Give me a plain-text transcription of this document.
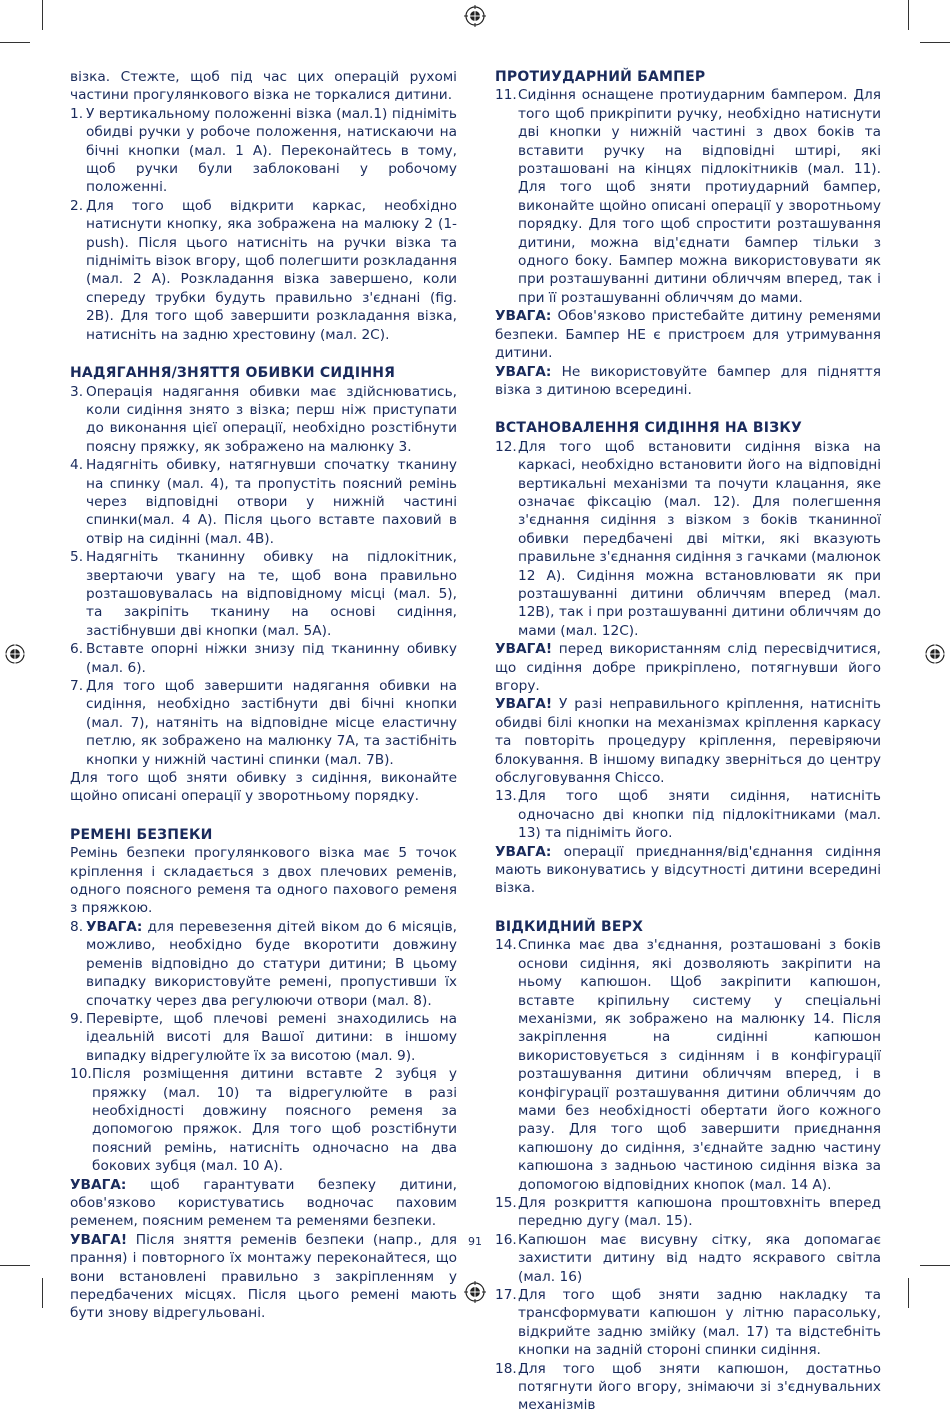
візка. Стежте, щоб під час цих операцій рухомі частини прогулянкового візка не торкалися дитини.

1. У вертикальному положенні візка (мал.1) підніміть обидві ручки у робоче положення, натискаючи на бічні кнопки (мал. 1 A). Переконайтесь в тому, щоб ручки були заблоковані у робочому положенні.
2. Для того щоб відкрити каркас, необхідно натиснути кнопку, яка зображена на малюку 2 (1-push). Після цього натисніть на ручки візка та підніміть візок вгору, щоб полегшити розкладання (мал. 2 A). Розкладання візка завершено, коли спереду трубки будуть правильно з'єднані (fig. 2B). Для того щоб завершити розкладання візка, натисніть на задню хрестовину (мал. 2C).
НАДЯГАННЯ/ЗНЯТТЯ ОБИВКИ СИДІННЯ
3. Операція надягання обивки має здійснюватись, коли сидіння знято з візка; перш ніж приступати до виконання цієї операції, необхідно розстібнути поясну пряжку, як зображено на малюнку 3.
4. Надягніть обивку, натягнувши спочатку тканину на спинку (мал. 4), та пропустіть поясний ремінь через відповідні отвори у нижній частині спинки(мал. 4 A). Після цього вставте паховий в отвір на сидінні (мал. 4B).
5. Надягніть тканинну обивку на підлокітник, звертаючи увагу на те, щоб вона правильно розташовувалась на відповідному місці (мал. 5), та закріпіть тканину на основі сидіння, застібнувши дві кнопки (мал. 5A).
6. Вставте опорні ніжки знизу під тканинну обивку (мал. 6).
7. Для того щоб завершити надягання обивки на сидіння, необхідно застібнути дві бічні кнопки (мал. 7), натяніть на відповідне місце еластичну петлю, як зображено на малюнку 7A, та застібніть кнопки у нижній частині спинки (мал. 7B).

Для того щоб зняти обивку з сидіння, виконайте щойно описані операції у зворотньому порядку.

РЕМЕНІ БЕЗПЕКИ

Ремінь безпеки прогулянкового візка має 5 точок кріплення і складається з двох плечових ременів, одного поясного ременя та одного пахового ременя з пряжкою.

8. УВАГА: для перевезення дітей віком до 6 місяців, можливо, необхідно буде вкоротити довжину ременів відповідно до статури дитини; В цьому випадку використовуйте ремені, пропустивши їх спочатку через два регулюючи отвори (мал. 8).
9. Перевірте, щоб плечові ремені знаходились на ідеальній висоті для Вашої дитини: в іншому випадку відрегулюйте їх за висотою (мал. 9).
10. Після розміщення дитини вставте 2 зубця у пряжку (мал. 10) та відрегулюйте в разі необхідності довжину поясного ременя за допомогою пряжок. Для того щоб розстібнути поясний ремінь, натисніть одночасно на два бокових зубця (мал. 10 A).

УВАГА: щоб гарантувати безпеку дитини, обов'язково користуватись водночас паховим ременем, поясним ременем та ременями безпеки.

УВАГА! Після зняття ременів безпеки (напр., для прання) і повторного їх монтажу переконайтеся, що вони встановлені правильно з закріпленням у передбачених місцях. Після цього ремені мають бути знову відрегульовані.

ПРОТИУДАРНИЙ БАМПЕР
11. Сидіння оснащене протиударним бампером. Для того щоб прикріпити ручку, необхідно натиснути дві кнопки у нижній частині з двох боків та вставити ручку на відповідні штирі, які розташовані на кінцях підлокітників (мал. 11). Для того щоб зняти протиударний бампер, виконайте щойно описані операції у зворотньому порядку. Для того щоб спростити розташування дитини, можна від'єднати бампер тільки з одного боку. Бампер можна використовувати як при розташуванні дитини обличчям вперед, так і при її розташуванні обличчям до мами.

УВАГА: Обов'язково пристебайте дитину ременями безпеки. Бампер НЕ є пристроєм для утримування дитини.

УВАГА: Не використовуйте бампер для підняття візка з дитиною всередині.

ВСТАНОВАЛЕННЯ СИДІННЯ НА ВІЗКУ
12. Для того щоб встановити сидіння візка на каркасі, необхідно встановити його на відповідні вертикальні механізми та почути клацання, яке означає фіксацію (мал. 12). Для полегшення з'єднання сидіння з візком з боків тканинної обивки передбачені дві мітки, які вказують правильне з'єднання сидіння з гачками (малюнок 12 A). Сидіння можна встановлювати як при розташуванні дитини обличчям вперед (мал. 12B), так і при розташуванні дитини обличчям до мами (мал. 12C).

УВАГА! перед використанням слід пересвідчитися, що сидіння добре прикріплено, потягнувши його вгору.

УВАГА! У разі неправильного кріплення, натисніть обидві білі кнопки на механізмах кріплення каркасу та повторіть процедуру кріплення, перевіряючи блокування. В іншому випадку зверніться до центру обслуговування Chicco.

13. Для того щоб зняти сидіння, натисніть одночасно дві кнопки під підлокітниками (мал. 13) та підніміть його.

УВАГА: операції приєднання/від'єднання сидіння мають виконуватись у відсутності дитини всередині візка.

ВІДКИДНИЙ ВЕРХ
14. Спинка має два з'єднання, розташовані з боків основи сидіння, які дозволяють закріпити на ньому капюшон. Щоб закріпити капюшон, вставте кріпильну систему у спеціальні механізми, як зображено на малюнку 14. Після закріплення на сидінні капюшон використовується з сидінням і в конфігурації розташування дитини обличчям вперед, і в конфігурації розташування дитини обличчям до мами без необхідності обертати його кожного разу. Для того щоб завершити приєднання капюшону до сидіння, з'єднайте задню частину капюшона з задньою частиною сидіння візка за допомогою відповідних кнопок (мал. 14 A).
15. Для розкриття капюшона проштовхніть вперед передню дугу (мал. 15).
16. Капюшон має висувну сітку, яка допомагає захистити дитину від надто яскравого світла (мал. 16)
17. Для того щоб зняти задню накладку та трансформувати капюшон у літню парасольку, відкрийте задню змійку (мал. 17) та відстебніть кнопки на задній стороні спинки сидіння.
18. Для того щоб зняти капюшон, достатньо потягнути його вгору, знімаючи зі з'єднувальних механізмів
91
